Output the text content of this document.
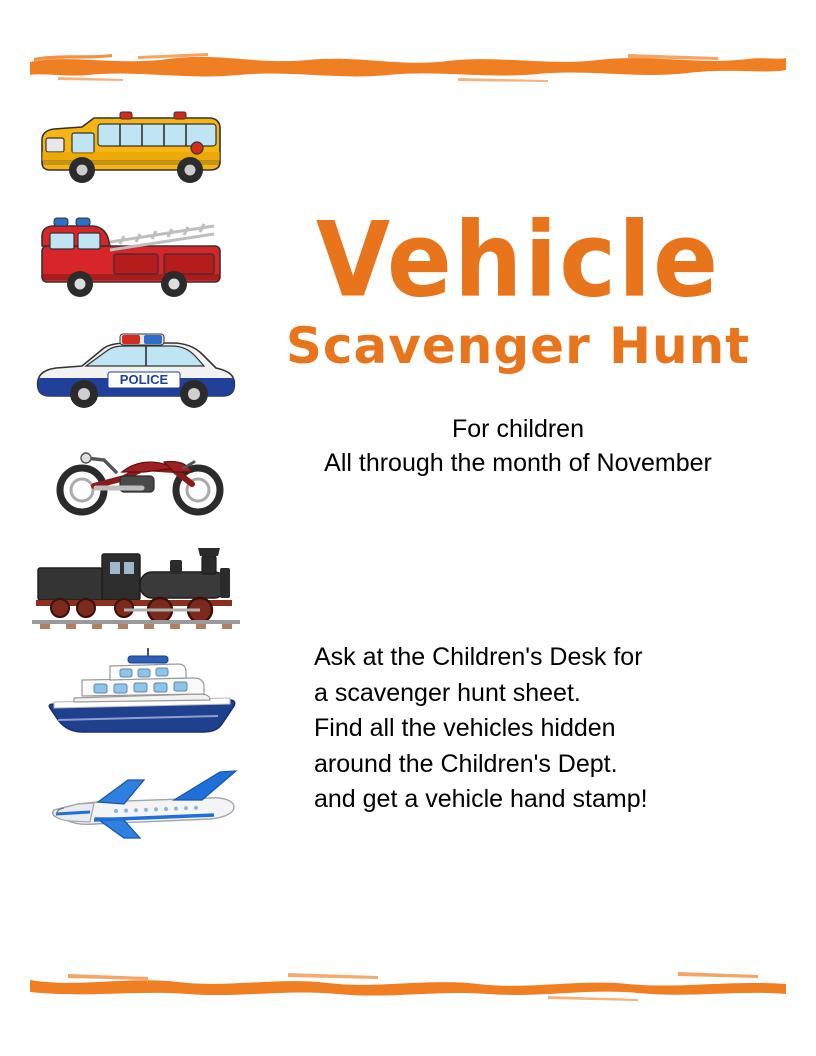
POLICE
Vehicle
Scavenger Hunt
For children
All through the month of November
Ask at the Children's Desk for
a scavenger hunt sheet.
Find all the vehicles hidden
around the Children's Dept.
and get a vehicle hand stamp!
